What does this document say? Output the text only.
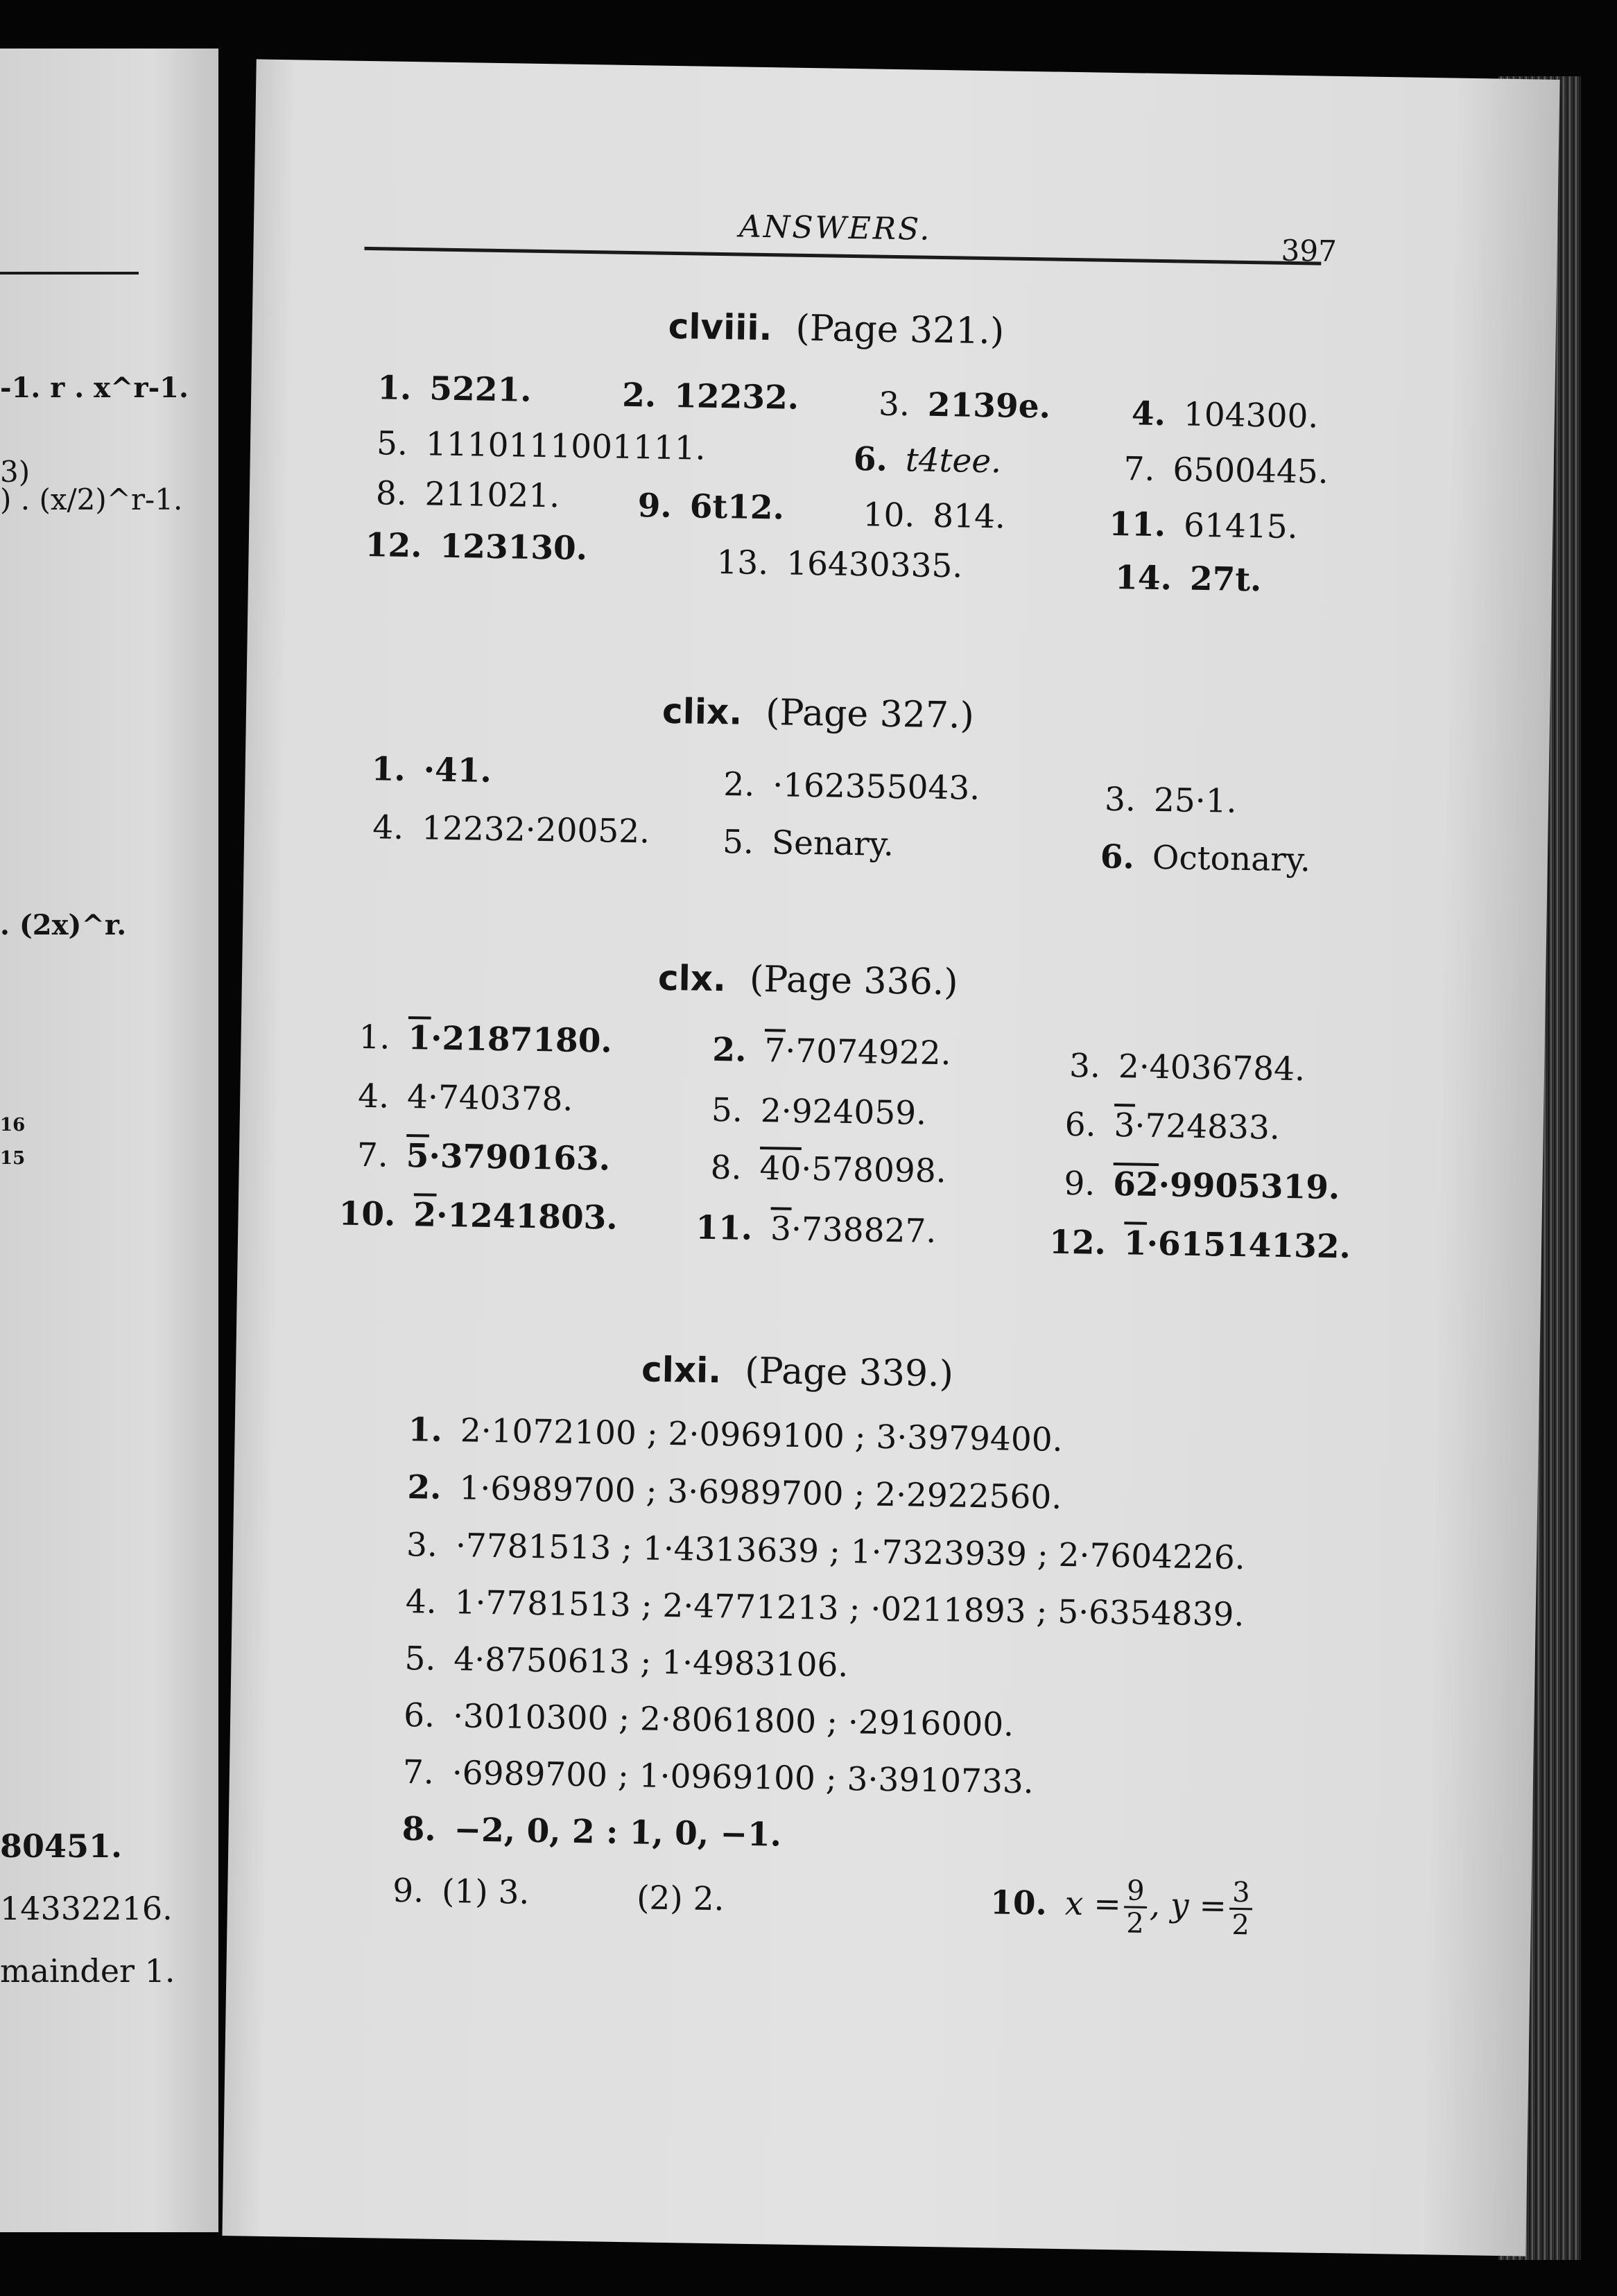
-1. r . x^r-1.
3)
) . (x/2)^r-1.
. (2x)^r.
16
15
80451.
14332216.
mainder 1.
ANSWERS.
397
clviii. (Page 321.)
1. 5221.	2. 12232. 3. 2139e. 4. 104300.
5. 1110111001111.	6. t4tee.	7. 6500445.
8. 211021. 9. 6t12. 10. 814.	11. 61415.
12. 123130.	13. 16430335.	14. 27t.
clix. (Page 327.)
1. ·41.	2. ·162355043.	3. 25·1.
4. 12232·20052. 5. Senary.	6. Octonary.
clx. (Page 336.)
1. 1·2187180.	2. 7·7074922.	3. 2·4036784.
4. 4·740378.	5. 2·924059.	6. 3·724833.
7. 5·3790163.	8. 40·578098.	9. 62·9905319.
10. 2·1241803. 11. 3·738827.	12. 1·61514132.
clxi. (Page 339.)
1. 2·1072100 ; 2·0969100 ; 3·3979400.
2. 1·6989700 ; 3·6989700 ; 2·2922560.
3. ·7781513 ; 1·4313639 ; 1·7323939 ; 2·7604226.
4. 1·7781513 ; 2·4771213 ; ·0211893 ; 5·6354839.
5. 4·8750613 ; 1·4983106.
6. ·3010300 ; 2·8061800 ; ·2916000.
7. ·6989700 ; 1·0969100 ; 3·3910733.
8. −2, 0, 2 : 1, 0, −1.
9. (1) 3.	(2) 2.	10. $x = \frac{9}{2}$ , $y = \frac{3}{2}$
